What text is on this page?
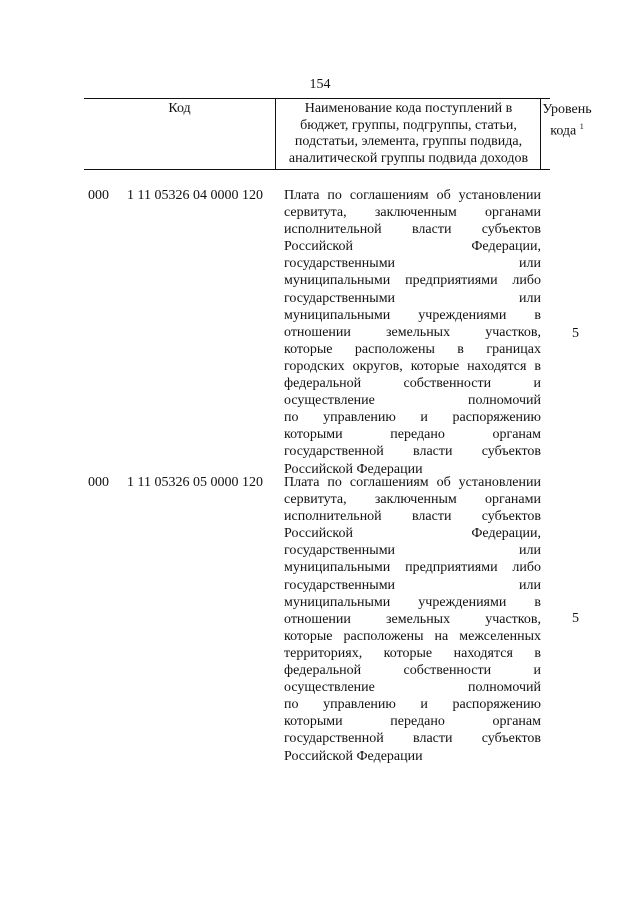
154
Код	Наименование кода поступлений в
бюджет, группы, подгруппы, статьи,
подстатьи, элемента, группы подвида,
аналитической группы подвида доходов
Уровень
кода $^1$
000 1 11 05326 04 0000 120 Плата по соглашениям об установлении
сервитута, заключенным органами
исполнительной власти субъектов
Российской Федерации,
государственными или
муниципальными предприятиями либо
государственными или
муниципальными учреждениями в
отношении земельных участков,
которые расположены в границах
городских округов, которые находятся в
федеральной собственности и
осуществление полномочий
по управлению и распоряжению
которыми передано органам
государственной власти субъектов
Российской Федерации
5
000 1 11 05326 05 0000 120 Плата по соглашениям об установлении
сервитута, заключенным органами
исполнительной власти субъектов
Российской Федерации,
государственными или
муниципальными предприятиями либо
государственными или
муниципальными учреждениями в
отношении земельных участков,
которые расположены на межселенных
территориях, которые находятся в
федеральной собственности и
осуществление полномочий
по управлению и распоряжению
которыми передано органам
государственной власти субъектов
Российской Федерации
5
